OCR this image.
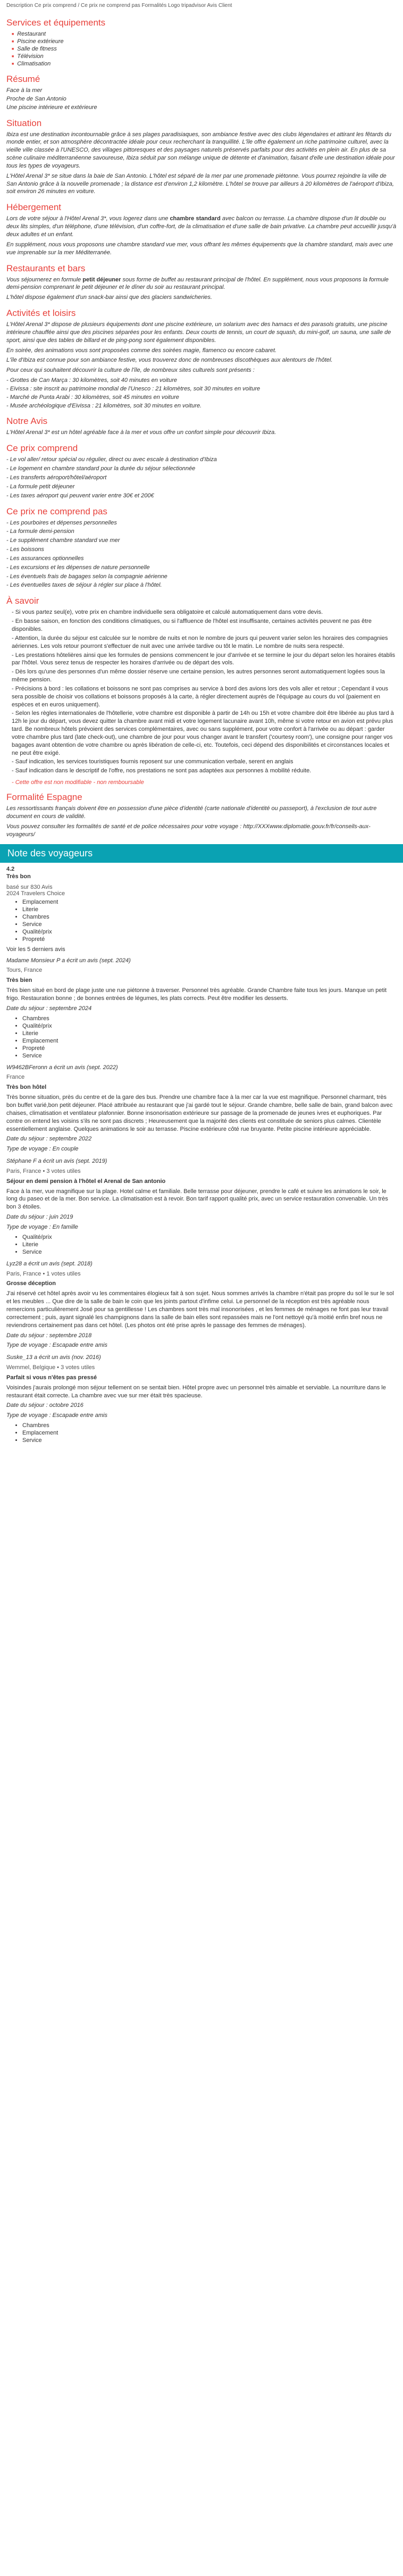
Description Ce prix comprend / Ce prix ne comprend pas Formalités Logo tripadvisor Avis Client
Services et équipements
■ Restaurant
■ Piscine extérieure
■ Salle de fitness
■ Télévision
■ Climatisation
Résumé

Face à la mer

Proche de San Antonio

Une piscine intérieure et extérieure

Situation

Ibiza est une destination incontournable grâce à ses plages paradisiaques, son ambiance festive avec des clubs légendaires et attirant les fêtards du monde entier, et son atmosphère décontractée idéale pour ceux recherchant la tranquillité. L'île offre également un riche patrimoine culturel, avec la vieille ville classée à l'UNESCO, des villages pittoresques et des paysages naturels préservés parfaits pour des activités en plein air. En plus de sa scène culinaire méditerranéenne savoureuse, Ibiza séduit par son mélange unique de détente et d'animation, faisant d'elle une destination idéale pour tous les types de voyageurs.

L'Hôtel Arenal 3* se situe dans la baie de San Antonio. L'hôtel est séparé de la mer par une promenade piétonne. Vous pourrez rejoindre la ville de San Antonio grâce à la nouvelle promenade ; la distance est d'environ 1,2 kilomètre. L'hôtel se trouve par ailleurs à 20 kilomètres de l'aéroport d'Ibiza, soit environ 26 minutes en voiture.

Hébergement

Lors de votre séjour à l'Hôtel Arenal 3*, vous logerez dans une chambre standard avec balcon ou terrasse. La chambre dispose d'un lit double ou deux lits simples, d'un téléphone, d'une télévision, d'un coffre-fort, de la climatisation et d'une salle de bain privative. La chambre peut accueillir jusqu'à deux adultes et un enfant.

En supplément, nous vous proposons une chambre standard vue mer, vous offrant les mêmes équipements que la chambre standard, mais avec une vue imprenable sur la mer Méditerranée.

Restaurants et bars

Vous séjournerez en formule petit déjeuner sous forme de buffet au restaurant principal de l'hôtel. En supplément, nous vous proposons la formule demi-pension comprenant le petit déjeuner et le dîner du soir au restaurant principal.

L'hôtel dispose également d'un snack-bar ainsi que des glaciers sandwicheries.

Activités et loisirs

L'Hôtel Arenal 3* dispose de plusieurs équipements dont une piscine extérieure, un solarium avec des hamacs et des parasols gratuits, une piscine intérieure chauffée ainsi que des piscines séparées pour les enfants. Deux courts de tennis, un court de squash, du mini-golf, un sauna, une salle de sport, ainsi que des tables de billard et de ping-pong sont également disponibles.

En soirée, des animations vous sont proposées comme des soirées magie, flamenco ou encore cabaret.

L'île d'Ibiza est connue pour son ambiance festive, vous trouverez donc de nombreuses discothèques aux alentours de l'hôtel.

Pour ceux qui souhaitent découvrir la culture de l'île, de nombreux sites culturels sont présents :

- Grottes de Can Marça : 30 kilomètres, soit 40 minutes en voiture

- Eivissa : site inscrit au patrimoine mondial de l'Unesco : 21 kilomètres, soit 30 minutes en voiture

- Marché de Punta Arabi : 30 kilomètres, soit 45 minutes en voiture

- Musée archéologique d'Eivissa : 21 kilomètres, soit 30 minutes en voiture.

Notre Avis

L'Hôtel Arenal 3* est un hôtel agréable face à la mer et vous offre un confort simple pour découvrir Ibiza.

Ce prix comprend

- Le vol aller/ retour spécial ou régulier, direct ou avec escale à destination d'Ibiza

- Le logement en chambre standard pour la durée du séjour sélectionnée

- Les transferts aéroport/hôtel/aéroport

- La formule petit déjeuner

- Les taxes aéroport qui peuvent varier entre 30€ et 200€

Ce prix ne comprend pas

- Les pourboires et dépenses personnelles

- La formule demi-pension

- Le supplément chambre standard vue mer

- Les boissons

- Les assurances optionnelles

- Les excursions et les dépenses de nature personnelle

- Les éventuels frais de bagages selon la compagnie aérienne

- Les éventuelles taxes de séjour à régler sur place à l'hôtel.

À savoir

- Si vous partez seul(e), votre prix en chambre individuelle sera obligatoire et calculé automatiquement dans votre devis.

- En basse saison, en fonction des conditions climatiques, ou si l'affluence de l'hôtel est insuffisante, certaines activités peuvent ne pas être disponibles.

- Attention, la durée du séjour est calculée sur le nombre de nuits et non le nombre de jours qui peuvent varier selon les horaires des compagnies aériennes. Les vols retour pourront s'effectuer de nuit avec une arrivée tardive ou tôt le matin. Le nombre de nuits sera respecté.

- Les prestations hôtelières ainsi que les formules de pensions commencent le jour d'arrivée et se termine le jour du départ selon les horaires établis par l'hôtel. Vous serez tenus de respecter les horaires d'arrivée ou de départ des vols.

- Dès lors qu'une des personnes d'un même dossier réserve une certaine pension, les autres personnes seront automatiquement logées sous la même pension.

- Précisions à bord : les collations et boissons ne sont pas comprises au service à bord des avions lors des vols aller et retour ; Cependant il vous sera possible de choisir vos collations et boissons proposés à la carte, à régler directement auprès de l'équipage au cours du vol (paiement en espèces et en euros uniquement).

- Selon les règles internationales de l'hôtellerie, votre chambre est disponible à partir de 14h ou 15h et votre chambre doit être libérée au plus tard à 12h le jour du départ, vous devez quitter la chambre avant midi et votre logement lacunaire avant 10h, même si votre retour en avion est prévu plus tard. Be nombreux hôtels prévoient des services complémentaires, avec ou sans supplément, pour votre confort à l'arrivée ou au départ : garder votre chambre plus tard (late check-out), une chambre de jour pour vous changer avant le transfert ('courtesy room'), une consigne pour ranger vos bagages avant obtention de votre chambre ou après libération de celle-ci, etc. Toutefois, ceci dépend des disponibilités et circonstances locales et ne peut être exigé.

- Sauf indication, les services touristiques fournis reposent sur une communication verbale, serent en anglais

- Sauf indication dans le descriptif de l'offre, nos prestations ne sont pas adaptées aux personnes à mobilité réduite.

- Cette offre est non modifiable - non remboursable

Formalité Espagne

Les ressortissants français doivent être en possession d'une pièce d'identité (carte nationale d'identité ou passeport), à l'exclusion de tout autre document en cours de validité.

Vous pouvez consulter les formalités de santé et de police nécessaires pour votre voyage : http://XXXwww.diplomatie.gouv.fr/fr/conseils-aux-voyageurs/

Note des voyageurs
4.2
Très bon
basé sur 830 Avis
2024 Travelers Choice
• Emplacement
• Literie
• Chambres
• Service
• Qualité/prix
• Propreté
Voir les 5 derniers avis

Madame Monsieur P a écrit un avis (sept. 2024)

Tours, France

Très bien

Très bien situé en bord de plage juste une rue piétonne à traverser. Personnel très agréable. Grande Chambre faite tous les jours. Manque un petit frigo. Restauration bonne ; de bonnes entrées de légumes, les plats corrects. Peut être modifier les desserts.

Date du séjour : septembre 2024

• Chambres
• Qualité/prix
• Literie
• Emplacement
• Propreté
• Service

W9462BFeronn a écrit un avis (sept. 2022)

France

Très bon hôtel

Très bonne situation, près du centre et de la gare des bus. Prendre une chambre face à la mer car la vue est magnifique. Personnel charmant, très bon buffet varié,bon petit déjeuner. Placé attribuée au restaurant que j'ai gardé tout le séjour. Grande chambre, belle salle de bain, grand balcon avec chaises, climatisation et ventilateur plafonnier. Bonne insonorisation extérieure sur passage de la promenade de jeunes ivres et euphoriques. Par contre on entend les voisins s'ils ne sont pas discrets ; Heureusement que la majorité des clients est constituée de seniors plus calmes. Clientèle essentiellement anglaise. Quelques animations le soir au terrasse. Piscine extérieure côté rue bruyante. Petite piscine intérieure appréciable.

Date du séjour : septembre 2022

Type de voyage : En couple

Stéphane F a écrit un avis (sept. 2019)

Paris, France • 3 votes utiles

Séjour en demi pension à l'hôtel el Arenal de San antonio

Face à la mer, vue magnifique sur la plage. Hotel calme et familiale. Belle terrasse pour déjeuner, prendre le café et suivre les animations le soir, le long du paseo et de la mer. Bon service. La climatisation est à revoir. Bon tarif rapport qualité prix, avec un service restauration convenable. Un très bon 3 étoiles.

Date du séjour : juin 2019

Type de voyage : En famille

• Qualité/prix
• Literie
• Service

Lyz28 a écrit un avis (sept. 2018)

Paris, France • 1 votes utiles

Grosse déception

J'ai réservé cet hôtel après avoir vu les commentaires élogieux fait à son sujet. Nous sommes arrivés la chambre n'était pas propre du sol le sur le sol et les meubles ... Que dire de la salle de bain le coin que les joints partout d'infime celui. Le personnel de la réception est très agréable nous remercions particulièrement José pour sa gentillesse ! Les chambres sont très mal insonorisées , et les femmes de ménages ne font pas leur travail correctement ; puis, ayant signalé les champignons dans la salle de bain elles sont repassées mais ne l'ont nettoyé qu'à moitié enfin bref nous ne reviendrons certainement pas dans cet hôtel. (Les photos ont été prise après le passage des femmes de ménages).

Date du séjour : septembre 2018

Type de voyage : Escapade entre amis

Suske_13 a écrit un avis (nov. 2016)

Wemmel, Belgique • 3 votes utiles

Parfait si vous n'êtes pas pressé

Voisindes j'aurais prolongé mon séjour tellement on se sentait bien. Hôtel propre avec un personnel très aimable et serviable. La nourriture dans le restaurant était correcte. La chambre avec vue sur mer était très spacieuse.

Date du séjour : octobre 2016

Type de voyage : Escapade entre amis

• Chambres
• Emplacement
• Service
